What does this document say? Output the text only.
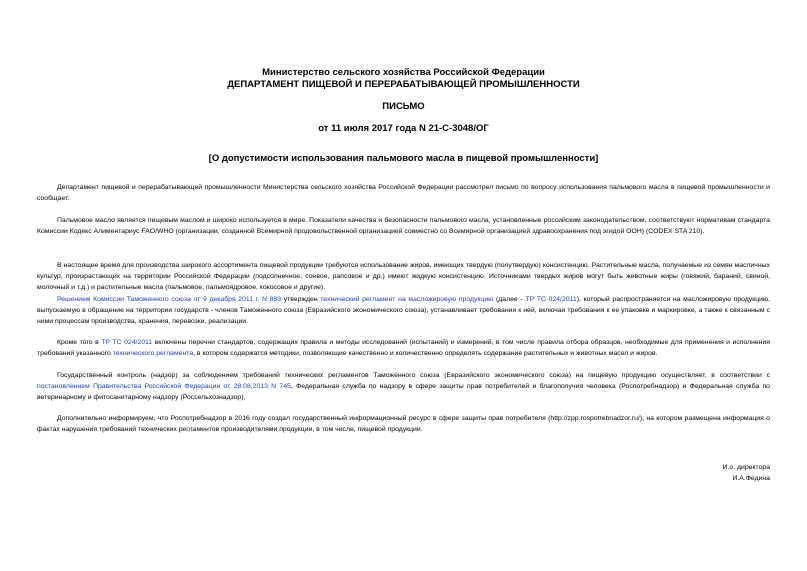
Министерство сельского хозяйства Российской Федерации
ДЕПАРТАМЕНТ ПИЩЕВОЙ И ПЕРЕРАБАТЫВАЮЩЕЙ ПРОМЫШЛЕННОСТИ
ПИСЬМО
от 11 июля 2017 года N 21-С-3048/ОГ
[О допустимости использования пальмового масла в пищевой промышленности]

Департамент пищевой и перерабатывающей промышленности Министерства сельского хозяйства Российской Федерации рассмотрел письмо по вопросу использования пальмового масла в пищевой промышленности и сообщает.

Пальмовое масло является пищевым маслом и широко используется в мире. Показатели качества и безопасности пальмового масла, установленные российским законодательством, соответствуют нормативам стандарта Комиссии Кодекс Алиментариус FAO/WHO (организации, созданной Всемирной продовольственной организацией совместно со Всемирной организацией здравоохранения под эгидой ООН) (CODEX STA 210).

В настоящее время для производства широкого ассортимента пищевой продукции требуются использование жиров, имеющих твердую (полутвердую) консистенцию. Растительные масла, получаемые из семян масличных культур, произрастающих на территории Российской Федерации (подсолнечное, соевое, рапсовое и др.) имеют жидкую консистенцию. Источниками твердых жиров могут быть животные жиры (говяжий, бараний, свиной, молочный и т.д.) и растительные масла (пальмовое, пальмоядровое, кокосовое и другие).

Решением Комиссии Таможенного союза от 9 декабря 2011 г. N 883 утвержден технический регламент на масложировую продукцию (далее - ТР ТС 024/2011), который распространяется на масложировую продукцию, выпускаемую в обращение на территории государств - членов Таможенного союза (Евразийского экономического союза), устанавливает требования к ней, включая требования к ее упаковке и маркировке, а также к связанным с ними процессам производства, хранения, перевозки, реализации.

Кроме того в ТР ТС 024/2011 включены перечни стандартов, содержащих правила и методы исследований (испытаний) и измерений, в том числе правила отбора образцов, необходимые для применения и исполнения требований указанного технического регламента, в котором содержатся методики, позволяющие качественно и количественно определять содержание растительных и животных масел и жиров.

Государственный контроль (надзор) за соблюдением требований технических регламентов Таможенного союза (Евразийского экономического союза) на пищевую продукцию осуществляет, в соответствии с постановлением Правительства Российской Федерации от 28.08.2013 N 745, Федеральная служба по надзору в сфере защиты прав потребителей и благополучия человека (Роспотребнадзор) и Федеральная служба по ветеринарному и фитосанитарному надзору (Россельхознадзор).

Дополнительно информируем, что Роспотребнадзор в 2016 году создал государственный информационный ресурс в сфере защиты прав потребителя (http://zpp.rospotrebnadzor.ru/), на котором размещена информация о фактах нарушения требований технических регламентов производителями продукции, в том числе, пищевой продукции.

И.о. директора
И.А.Федина
